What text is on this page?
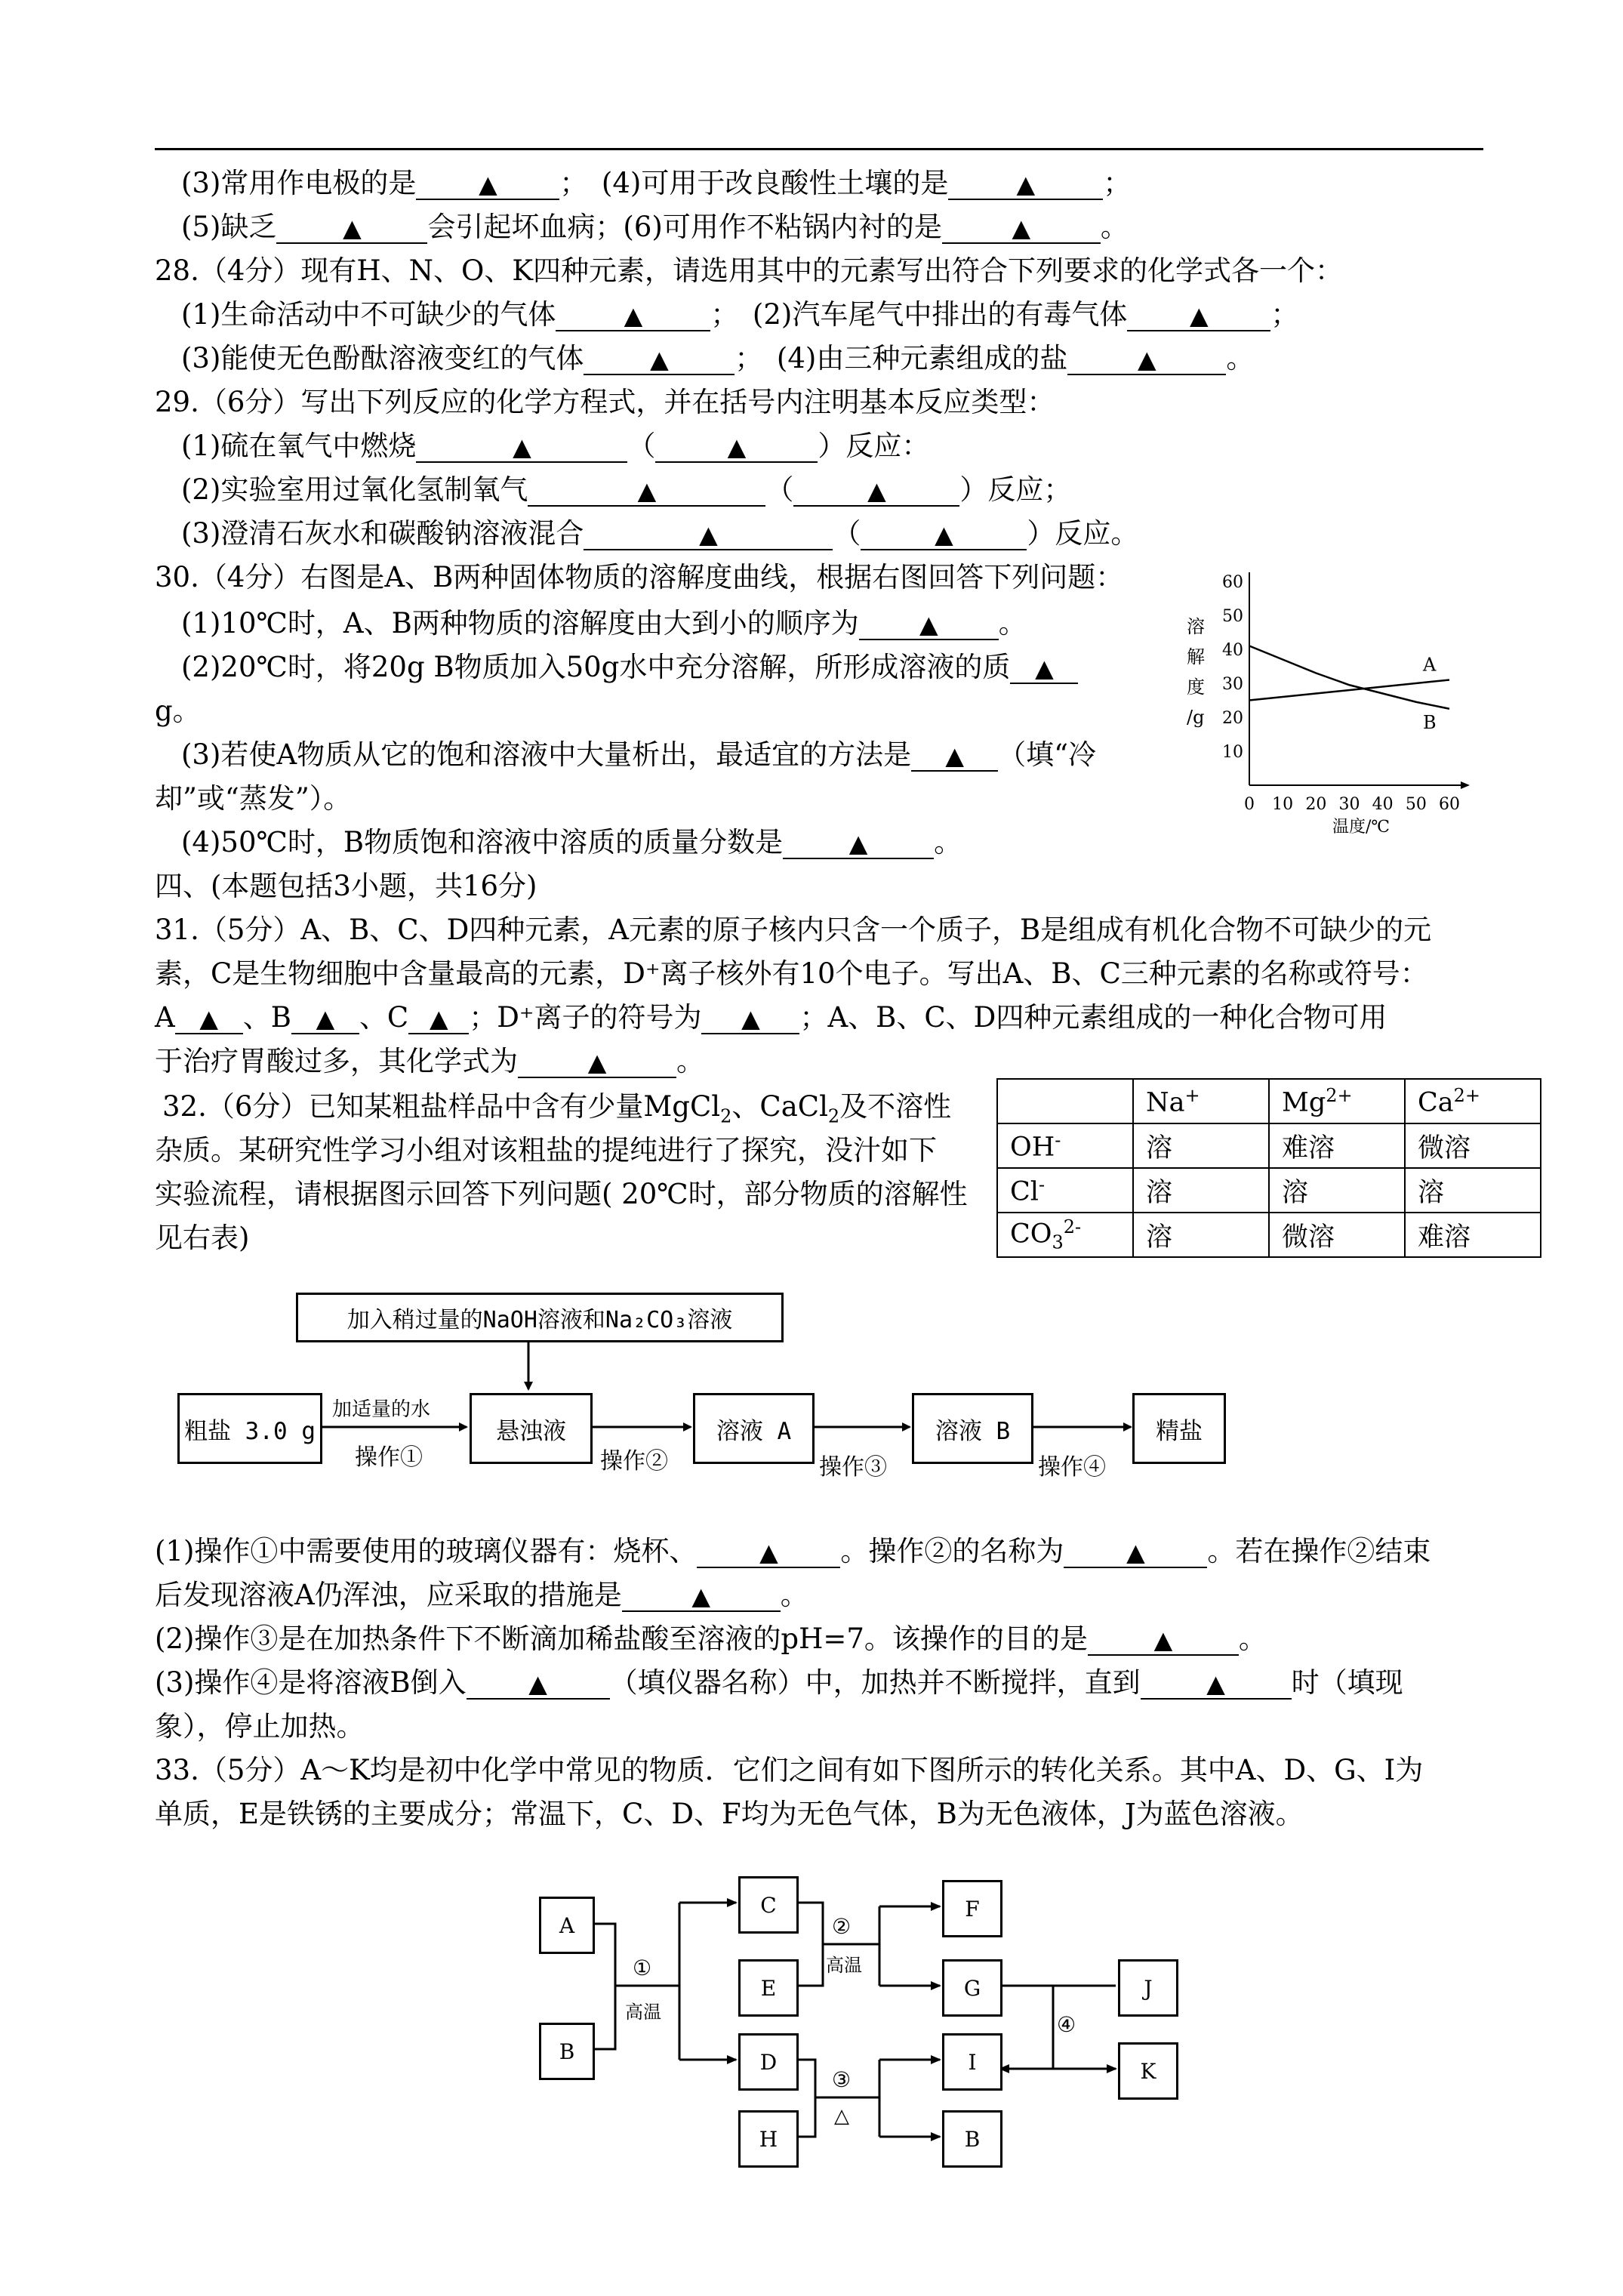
(3)常用作电极的是 ▲	；　(4)可用于改良酸性土壤的是 ▲	；
(5)缺乏 ▲	会引起坏血病；(6)可用作不粘锅内衬的是 ▲	。
28.（4分）现有H、N、O、K四种元素，请选用其中的元素写出符合下列要求的化学式各一个：
(1)生命活动中不可缺少的气体 ▲	；　(2)汽车尾气中排出的有毒气体 ▲	；
(3)能使无色酚酞溶液变红的气体 ▲	；　(4)由三种元素组成的盐 ▲	。
29.（6分）写出下列反应的化学方程式，并在括号内注明基本反应类型：
(1)硫在氧气中燃烧 ▲	（ ▲	）反应：
(2)实验室用过氧化氢制氧气 ▲	（ ▲	）反应；
(3)澄清石灰水和碳酸钠溶液混合 ▲	（ ▲	）反应。
30.（4分）右图是A、B两种固体物质的溶解度曲线，根据右图回答下列问题：
(1)10℃时，A、B两种物质的溶解度由大到小的顺序为 ▲	。
(2)20℃时，将20g B物质加入50g水中充分溶解，所形成溶液的质▲
g。
(3)若使A物质从它的饱和溶液中大量析出，最适宜的方法是 ▲	（填“冷
却”或“蒸发”）。
(4)50℃时，B物质饱和溶液中溶质的质量分数是 ▲	。
0 10 20 30 40 50 60
10
20
30
40
50
60
溶
解
度
/g
温度/℃
A
B
四、(本题包括3小题，共16分)
31.（5分）A、B、C、D四种元素，A元素的原子核内只含一个质子，B是组成有机化合物不可缺少的元
素，C是生物细胞中含量最高的元素，D⁺离子核外有10个电子。写出A、B、C三种元素的名称或符号：
A ▲ 、B ▲ 、C ▲ ；D⁺离子的符号为 ▲	；A、B、C、D四种元素组成的一种化合物可用
于治疗胃酸过多，其化学式为 ▲	。
32.（6分）已知某粗盐样品中含有少量MgCl$_2$、CaCl$_2$及不溶性
杂质。某研究性学习小组对该粗盐的提纯进行了探究，没汁如下
实验流程，请根据图示回答下列问题( 20℃时，部分物质的溶解性
见右表)
	Na+	$Mg^{2+}$	$Ca^{2+}$
OH-	溶	难溶	微溶
Cl-	溶	溶	溶
$CO_3^{2-}$	溶	微溶	难溶
加入稍过量的NaOH溶液和Na₂CO₃溶液
粗盐 3.0 g	悬浊液	溶液 A	溶液 B	精盐
加适量的水
操作①	操作②	操作③	操作④
(1)操作①中需要使用的玻璃仪器有：烧杯、 ▲	。操作②的名称为 ▲	。若在操作②结束
后发现溶液A仍浑浊，应采取的措施是 ▲	。
(2)操作③是在加热条件下不断滴加稀盐酸至溶液的pH=7。该操作的目的是 ▲	。
(3)操作④是将溶液B倒入 ▲	（填仪器名称）中，加热并不断搅拌，直到 ▲	时（填现
象），停止加热。
33.（5分）A～K均是初中化学中常见的物质．它们之间有如下图所示的转化关系。其中A、D、G、I为
单质，E是铁锈的主要成分；常温下，C、D、F均为无色气体，B为无色液体，J为蓝色溶液。
A
B
C
E
D
H
F
G
I
B
J
K
①
高温
②
高温
③
△
④
